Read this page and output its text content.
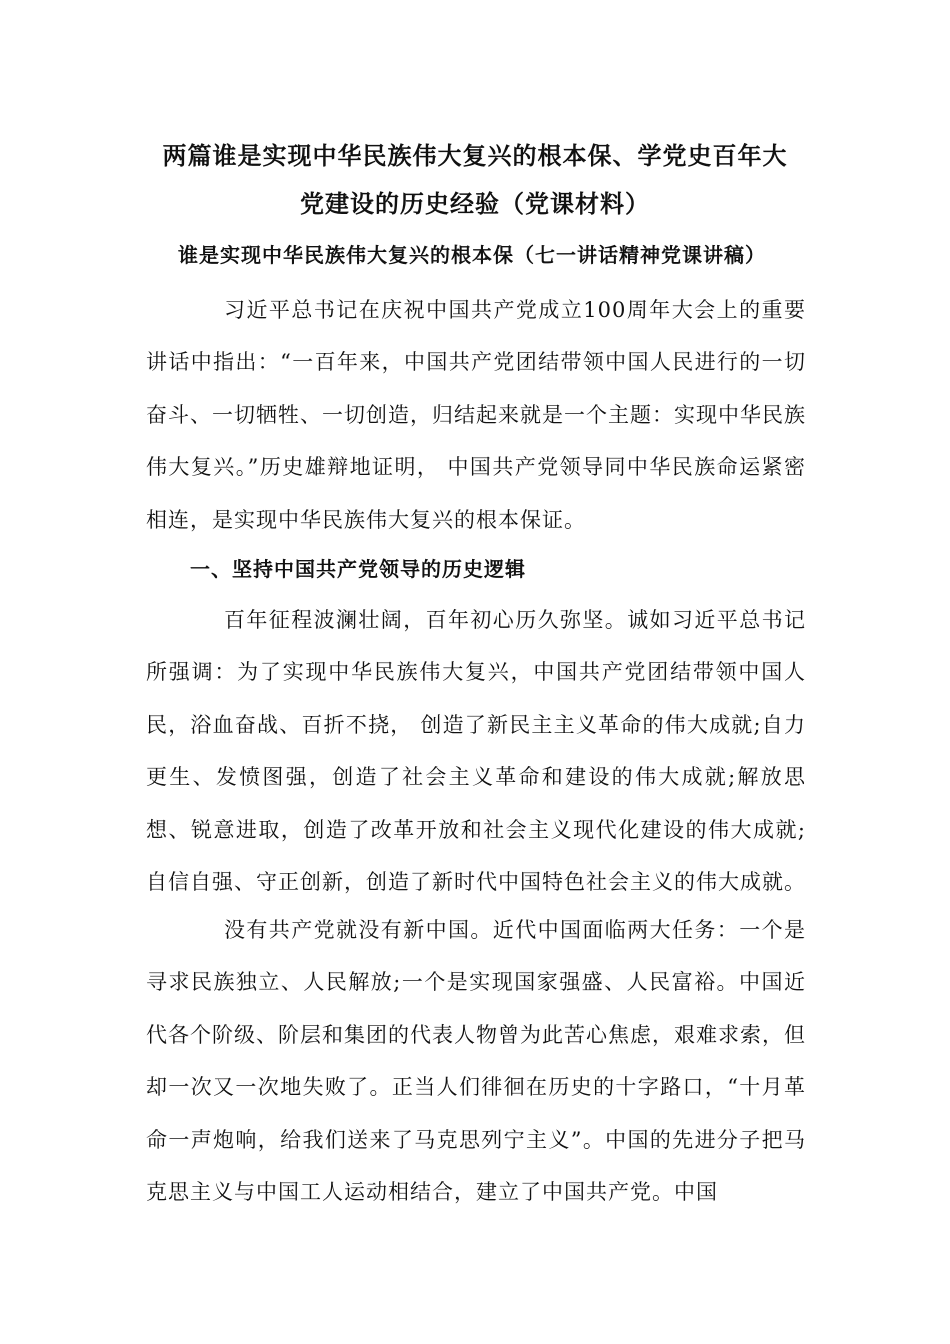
两篇谁是实现中华民族伟大复兴的根本保、学党史百年大
党建设的历史经验（党课材料）
谁是实现中华民族伟大复兴的根本保（七一讲话精神党课讲稿）

习近平总书记在庆祝中国共产党成立100周年大会上的重要讲话中指出：“一百年来，中国共产党团结带领中国人民进行的一切奋斗、一切牺牲、一切创造，归结起来就是一个主题：实现中华民族伟大复兴。”历史雄辩地证明， 中国共产党领导同中华民族命运紧密相连，是实现中华民族伟大复兴的根本保证。

一、坚持中国共产党领导的历史逻辑

百年征程波澜壮阔，百年初心历久弥坚。诚如习近平总书记所强调：为了实现中华民族伟大复兴，中国共产党团结带领中国人民，浴血奋战、百折不挠， 创造了新民主主义革命的伟大成就;自力更生、发愤图强，创造了社会主义革命和建设的伟大成就;解放思想、锐意进取，创造了改革开放和社会主义现代化建设的伟大成就;自信自强、守正创新，创造了新时代中国特色社会主义的伟大成就。

没有共产党就没有新中国。近代中国面临两大任务：一个是寻求民族独立、人民解放;一个是实现国家强盛、人民富裕。中国近代各个阶级、阶层和集团的代表人物曾为此苦心焦虑，艰难求索，但却一次又一次地失败了。正当人们徘徊在历史的十字路口，“十月革命一声炮响，给我们送来了马克思列宁主义”。中国的先进分子把马克思主义与中国工人运动相结合，建立了中国共产党。中国
